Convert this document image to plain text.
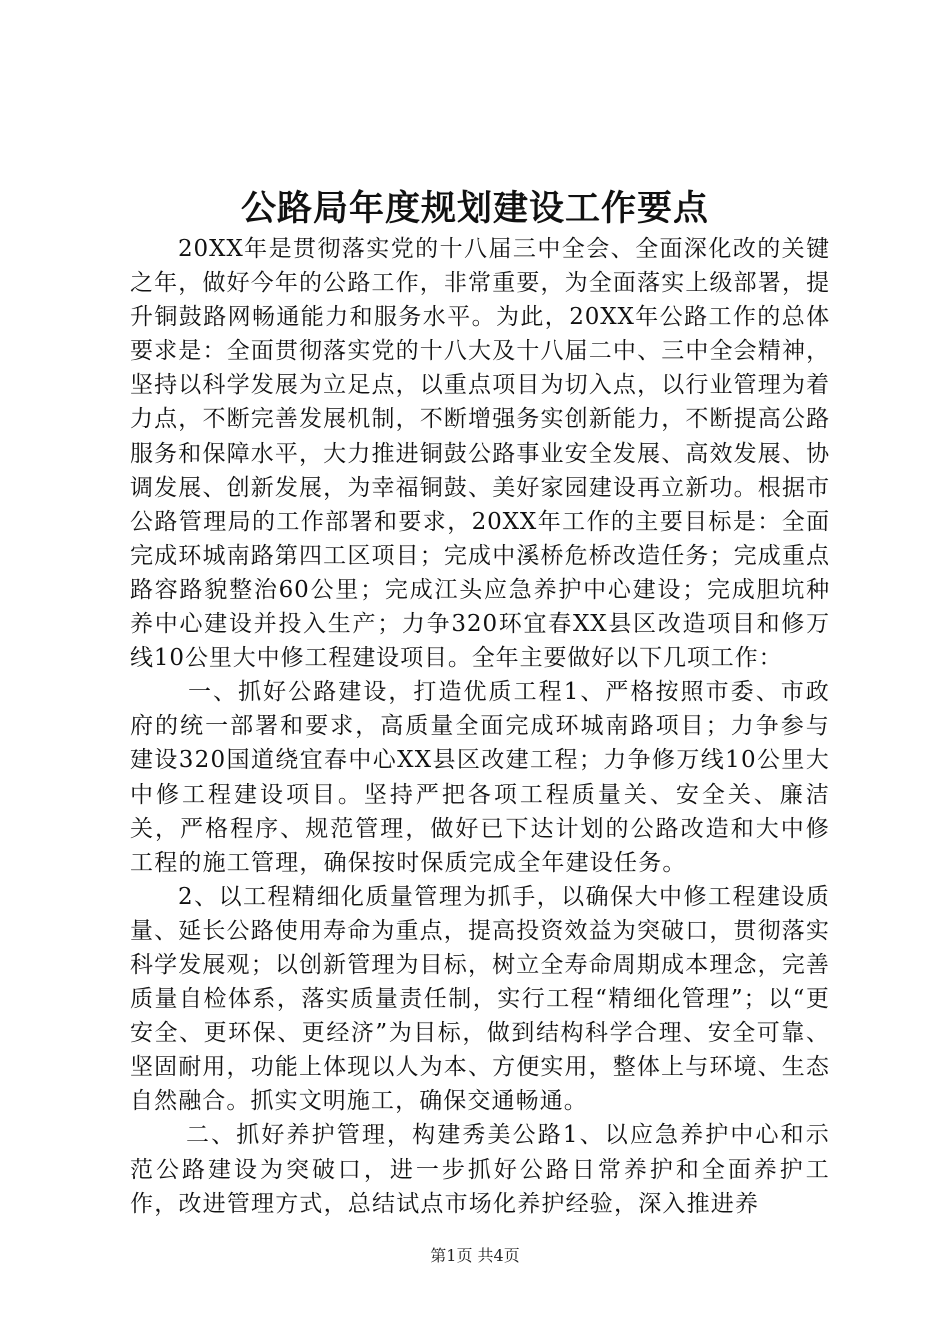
公路局年度规划建设工作要点

20XX年是贯彻落实党的十八届三中全会、全面深化改的关键之年，做好今年的公路工作，非常重要，为全面落实上级部署，提升铜鼓路网畅通能力和服务水平。为此，20XX年公路工作的总体要求是：全面贯彻落实党的十八大及十八届二中、三中全会精神，坚持以科学发展为立足点，以重点项目为切入点，以行业管理为着力点，不断完善发展机制，不断增强务实创新能力，不断提高公路服务和保障水平，大力推进铜鼓公路事业安全发展、高效发展、协调发展、创新发展，为幸福铜鼓、美好家园建设再立新功。根据市公路管理局的工作部署和要求，20XX年工作的主要目标是：全面完成环城南路第四工区项目；完成中溪桥危桥改造任务；完成重点路容路貌整治60公里；完成江头应急养护中心建设；完成胆坑种养中心建设并投入生产；力争320环宜春XX县区改造项目和修万线10公里大中修工程建设项目。全年主要做好以下几项工作：

一、抓好公路建设，打造优质工程1、严格按照市委、市政府的统一部署和要求，高质量全面完成环城南路项目；力争参与建设320国道绕宜春中心XX县区改建工程；力争修万线10公里大中修工程建设项目。坚持严把各项工程质量关、安全关、廉洁关，严格程序、规范管理，做好已下达计划的公路改造和大中修工程的施工管理，确保按时保质完成全年建设任务。

2、以工程精细化质量管理为抓手，以确保大中修工程建设质量、延长公路使用寿命为重点，提高投资效益为突破口，贯彻落实科学发展观；以创新管理为目标，树立全寿命周期成本理念，完善质量自检体系，落实质量责任制，实行工程“精细化管理”；以“更安全、更环保、更经济”为目标，做到结构科学合理、安全可靠、坚固耐用，功能上体现以人为本、方便实用，整体上与环境、生态自然融合。抓实文明施工，确保交通畅通。

二、抓好养护管理，构建秀美公路1、以应急养护中心和示范公路建设为突破口，进一步抓好公路日常养护和全面养护工作，改进管理方式，总结试点市场化养护经验，深入推进养

第1页 共4页
